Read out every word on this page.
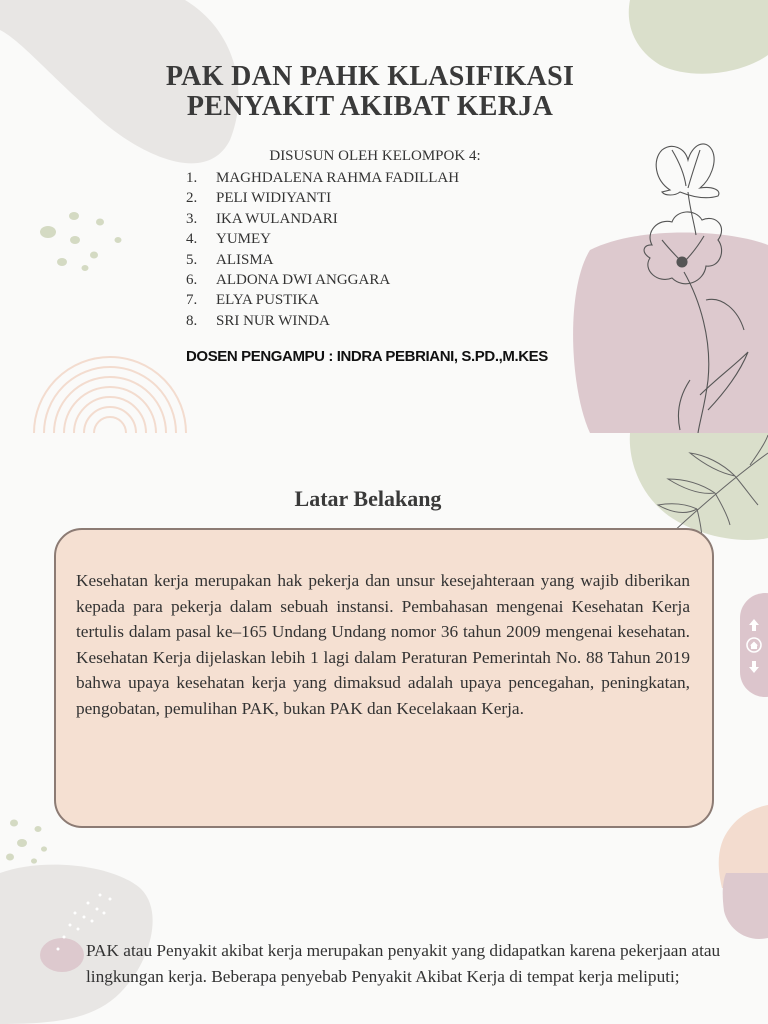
PAK DAN PAHK KLASIFIKASI
PENYAKIT AKIBAT KERJA
DISUSUN OLEH KELOMPOK 4:
1.	MAGHDALENA RAHMA FADILLAH
2.	PELI WIDIYANTI
3.	IKA WULANDARI
4.	YUMEY
5.	ALISMA
6.	ALDONA DWI ANGGARA
7.	ELYA PUSTIKA
8.	SRI NUR WINDA
DOSEN PENGAMPU : INDRA PEBRIANI, S.PD.,M.KES
Latar Belakang
Kesehatan kerja merupakan hak pekerja dan unsur kesejahteraan yang wajib diberikan kepada para pekerja dalam sebuah instansi. Pembahasan mengenai Kesehatan Kerja tertulis dalam pasal ke–165 Undang Undang nomor 36 tahun 2009 mengenai kesehatan. Kesehatan Kerja dijelaskan lebih 1 lagi dalam Peraturan Pemerintah No. 88 Tahun 2019 bahwa upaya kesehatan kerja yang dimaksud adalah upaya pencegahan, peningkatan, pengobatan, pemulihan PAK, bukan PAK dan Kecelakaan Kerja.
PAK atau Penyakit akibat kerja merupakan penyakit yang didapatkan karena pekerjaan atau lingkungan kerja. Beberapa penyebab Penyakit Akibat Kerja di tempat kerja meliputi;
